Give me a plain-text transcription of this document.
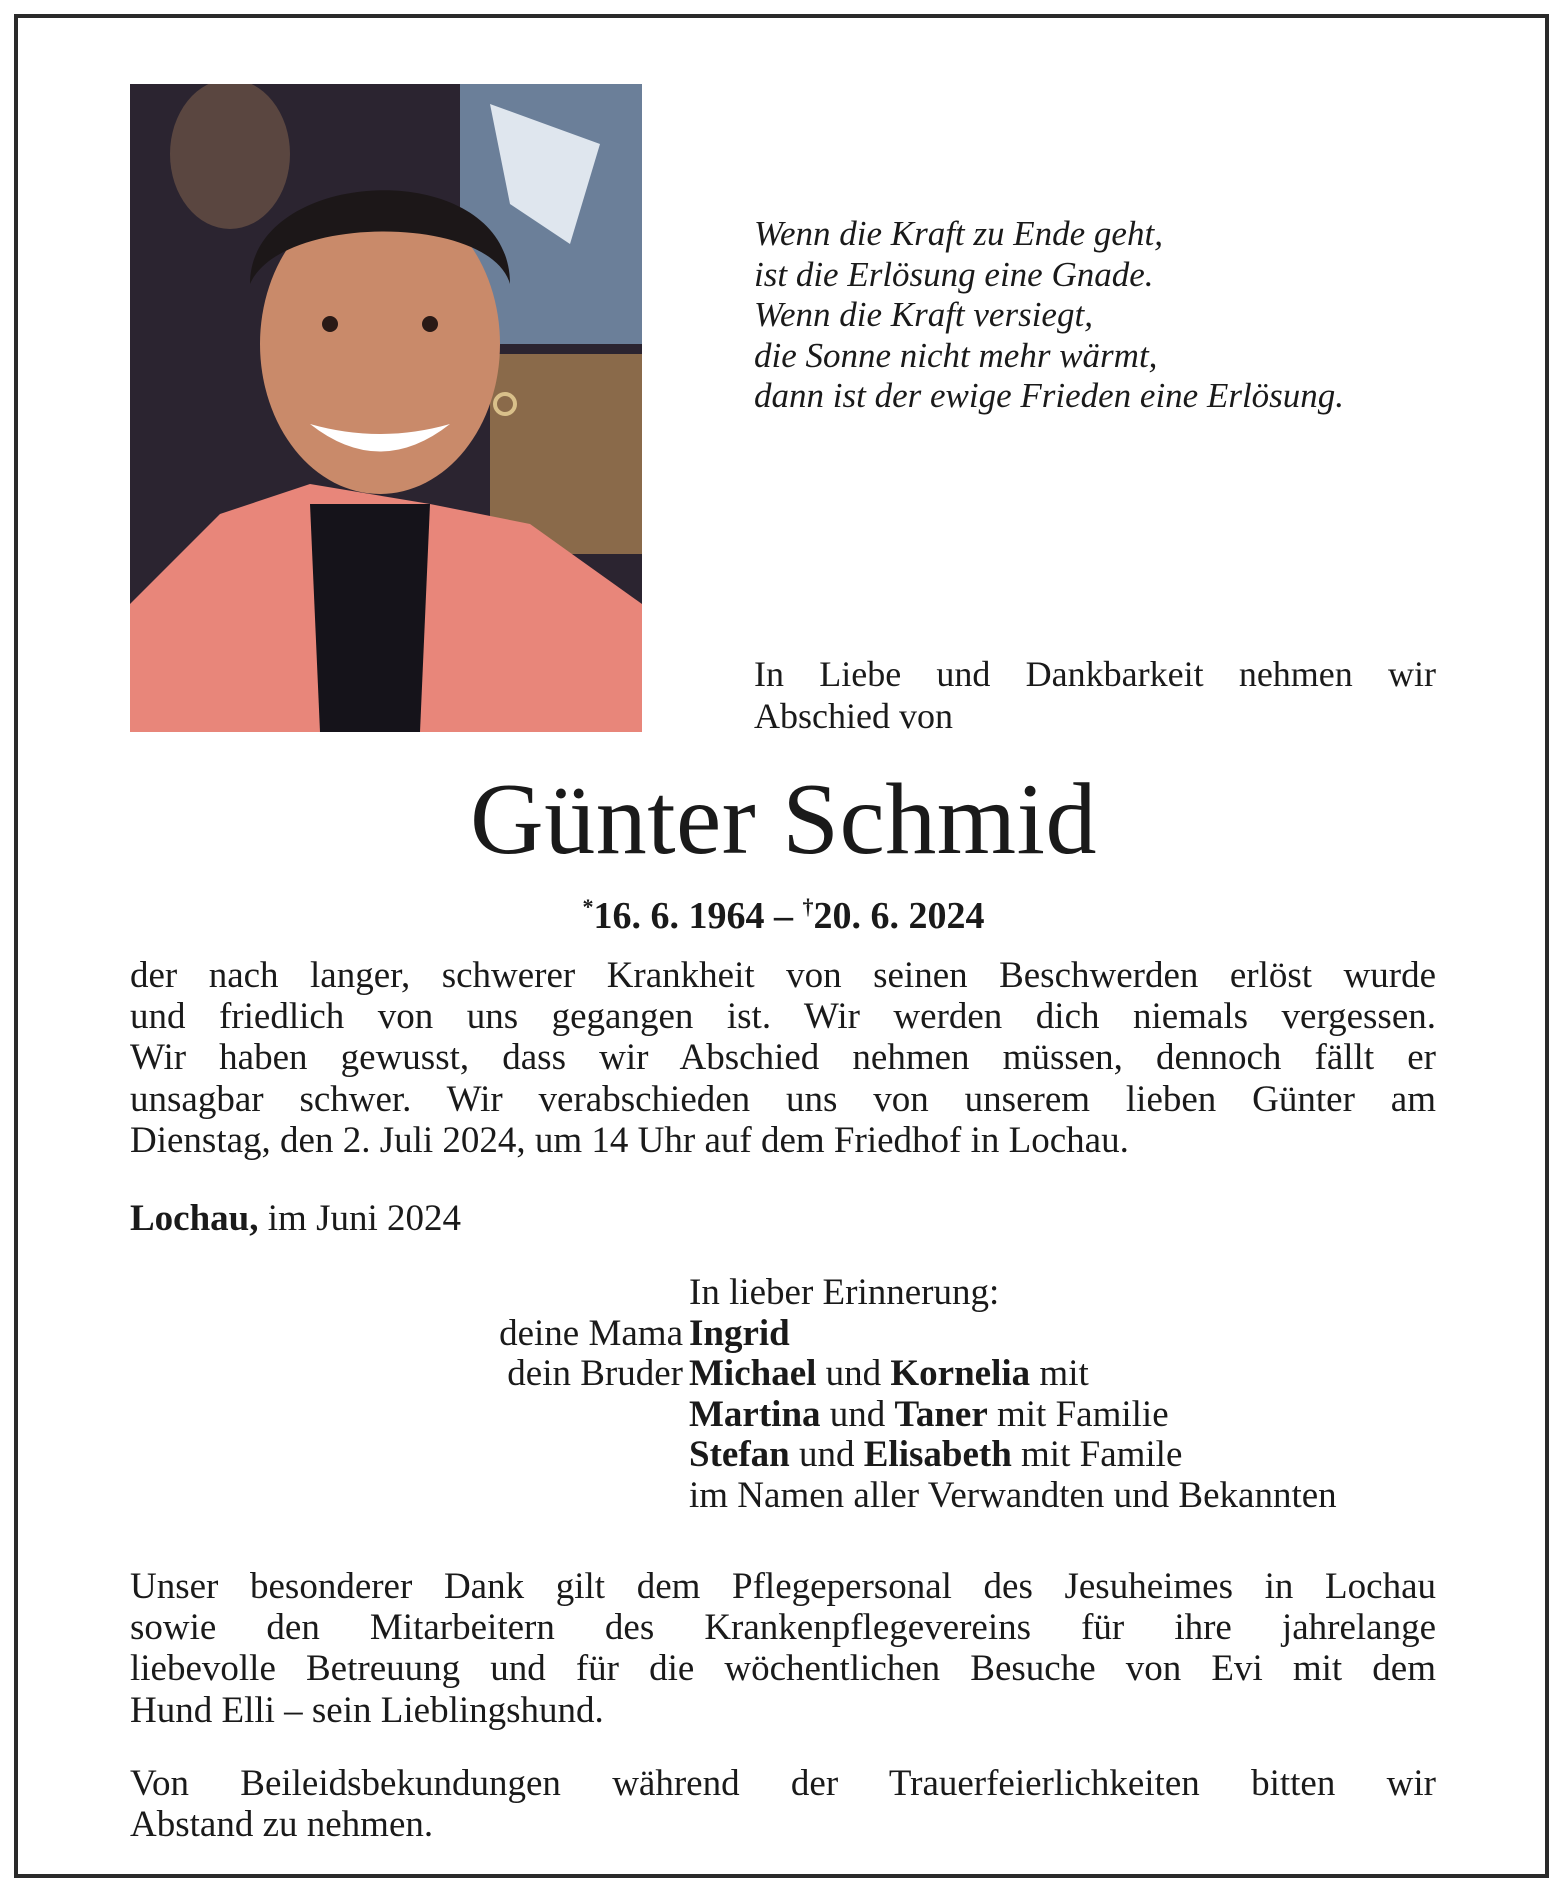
Wenn die Kraft zu Ende geht,
ist die Erlösung eine Gnade.
Wenn die Kraft versiegt,
die Sonne nicht mehr wärmt,
dann ist der ewige Frieden eine Erlösung.
In Liebe und Dankbarkeit nehmen wir
Abschied von
Günter Schmid
*16. 6. 1964 – †20. 6. 2024
der nach langer, schwerer Krankheit von seinen Beschwerden erlöst wurde
und friedlich von uns gegangen ist. Wir werden dich niemals vergessen.
Wir haben gewusst, dass wir Abschied nehmen müssen, dennoch fällt er
unsagbar schwer. Wir verabschieden uns von unserem lieben Günter am
Dienstag, den 2. Juli 2024, um 14 Uhr auf dem Friedhof in Lochau.
Lochau, im Juni 2024
In lieber Erinnerung:
deine Mama Ingrid
dein Bruder Michael und Kornelia mit
Martina und Taner mit Familie
Stefan und Elisabeth mit Famile
im Namen aller Verwandten und Bekannten
Unser besonderer Dank gilt dem Pflegepersonal des Jesuheimes in Lochau
sowie den Mitarbeitern des Krankenpflegevereins für ihre jahrelange
liebevolle Betreuung und für die wöchentlichen Besuche von Evi mit dem
Hund Elli – sein Lieblingshund.
Von Beileidsbekundungen während der Trauerfeierlichkeiten bitten wir
Abstand zu nehmen.
